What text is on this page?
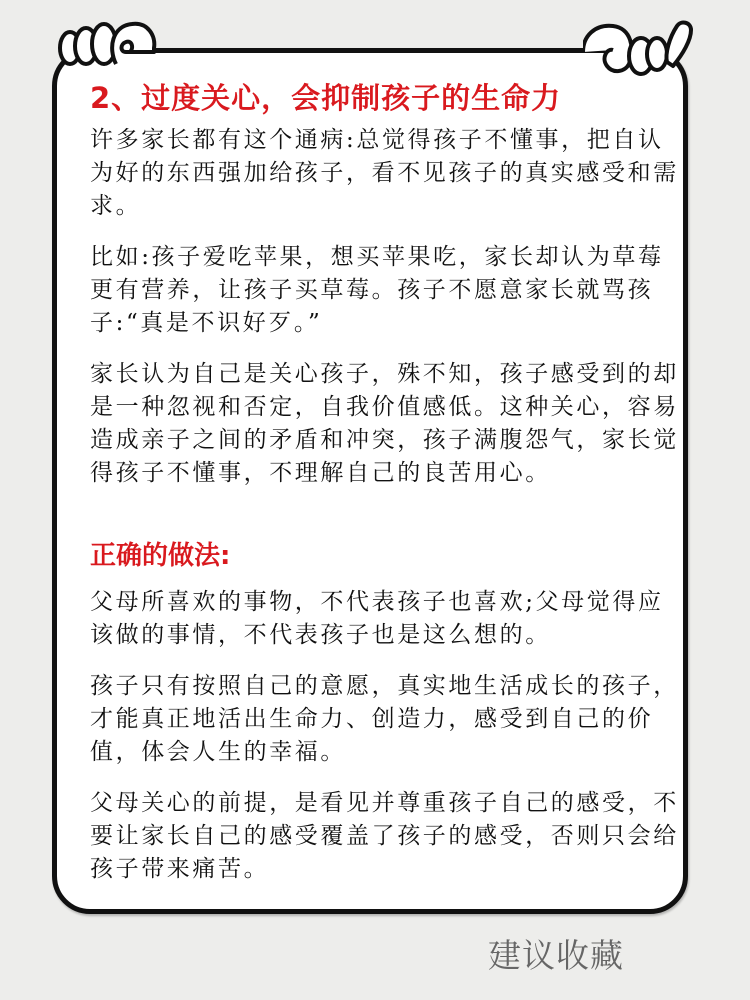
2、过度关心，会抑制孩子的生命力

许多家长都有这个通病:总觉得孩子不懂事，把自认为好的东西强加给孩子，看不见孩子的真实感受和需求。

比如:孩子爱吃苹果，想买苹果吃，家长却认为草莓更有营养，让孩子买草莓。孩子不愿意家长就骂孩子:“真是不识好歹。”

家长认为自己是关心孩子，殊不知，孩子感受到的却是一种忽视和否定，自我价值感低。这种关心，容易造成亲子之间的矛盾和冲突，孩子满腹怨气，家长觉得孩子不懂事，不理解自己的良苦用心。

正确的做法:

父母所喜欢的事物，不代表孩子也喜欢;父母觉得应该做的事情，不代表孩子也是这么想的。

孩子只有按照自己的意愿，真实地生活成长的孩子，才能真正地活出生命力、创造力，感受到自己的价值，体会人生的幸福。

父母关心的前提，是看见并尊重孩子自己的感受，不要让家长自己的感受覆盖了孩子的感受，否则只会给孩子带来痛苦。

建议收藏
